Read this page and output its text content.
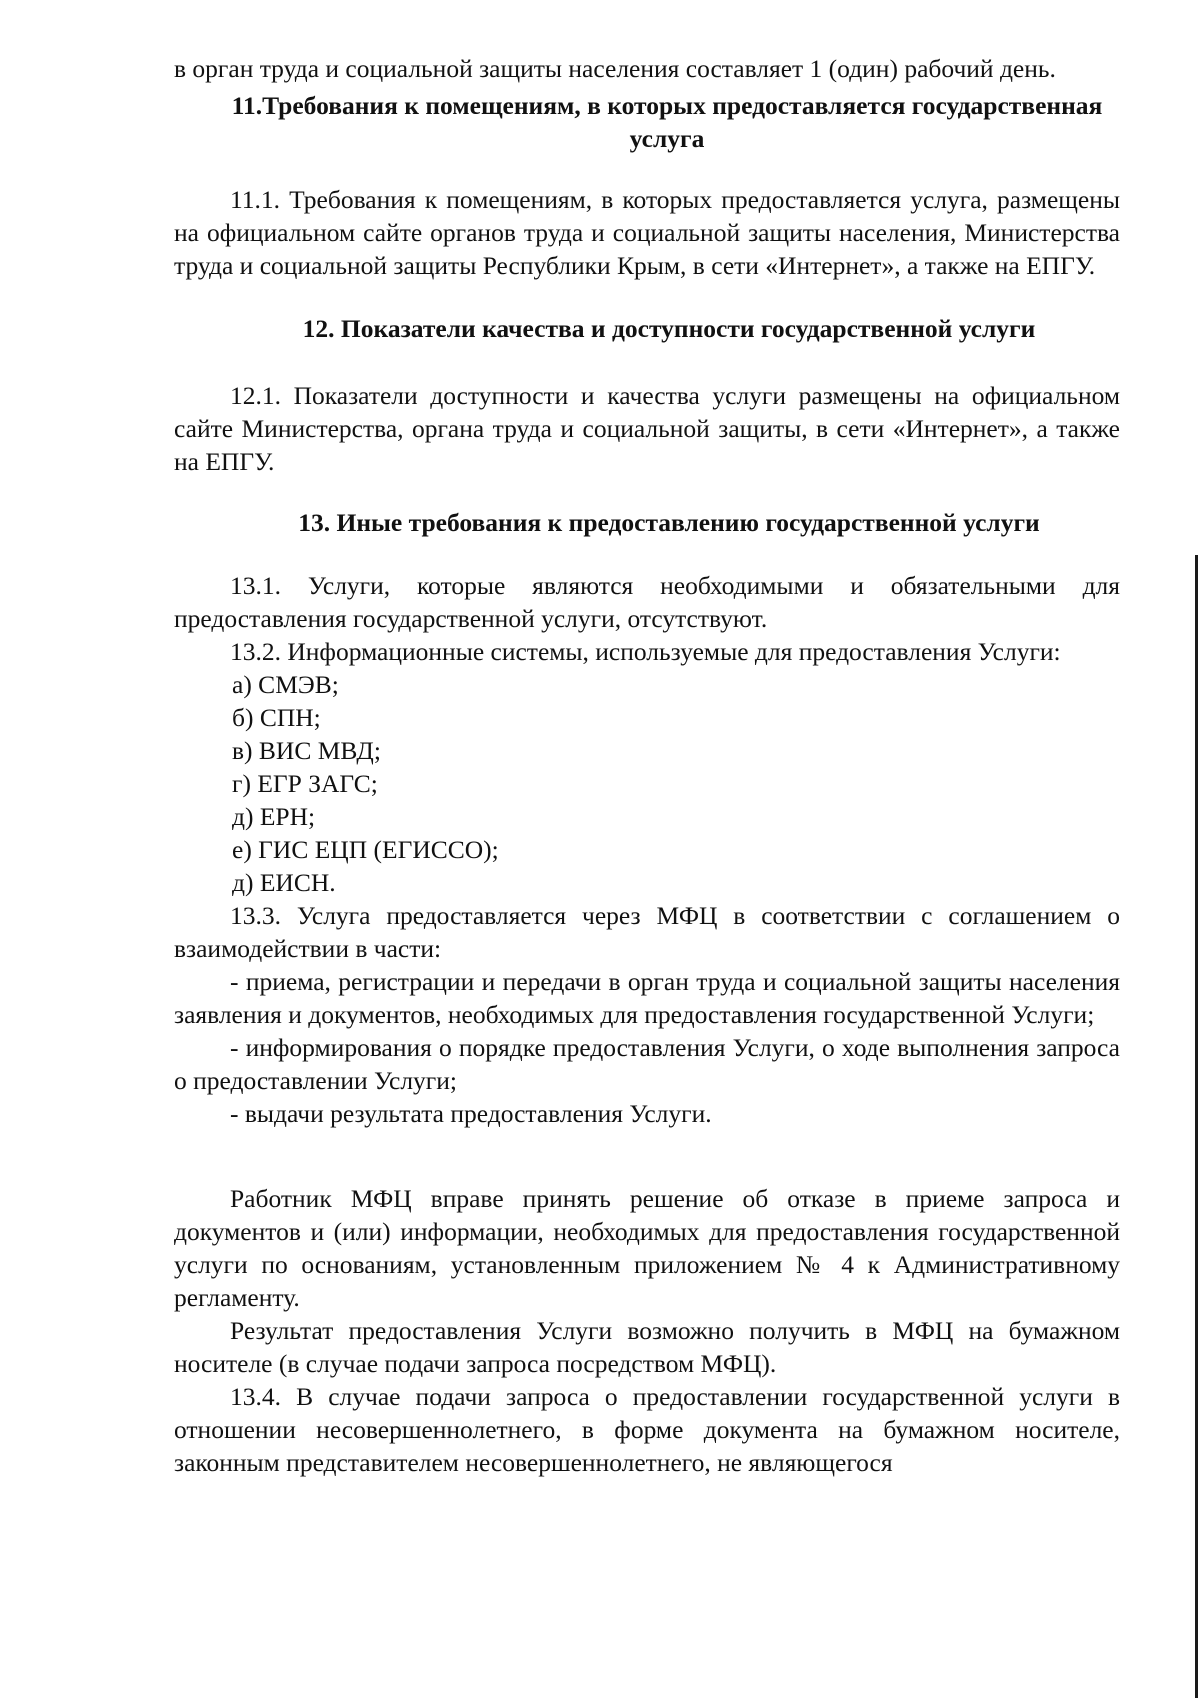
в орган труда и социальной защиты населения составляет 1 (один) рабочий день.

11.Требования к помещениям, в которых предоставляется государственная услуга

11.1. Требования к помещениям, в которых предоставляется услуга, размещены на официальном сайте органов труда и социальной защиты населения, Министерства труда и социальной защиты Республики Крым, в сети «Интернет», а также на ЕПГУ.

12. Показатели качества и доступности государственной услуги

12.1. Показатели доступности и качества услуги размещены на официальном сайте Министерства, органа труда и социальной защиты, в сети «Интернет», а также на ЕПГУ.

13. Иные требования к предоставлению государственной услуги

13.1. Услуги, которые являются необходимыми и обязательными для предоставления государственной услуги, отсутствуют.

13.2. Информационные системы, используемые для предоставления Услуги:

а) СМЭВ;

б) СПН;

в) ВИС МВД;

г) ЕГР ЗАГС;

д) ЕРН;

е) ГИС ЕЦП (ЕГИССО);

д) ЕИСН.

13.3. Услуга предоставляется через МФЦ в соответствии с соглашением о взаимодействии в части:

- приема, регистрации и передачи в орган труда и социальной защиты населения заявления и документов, необходимых для предоставления государственной Услуги;

- информирования о порядке предоставления Услуги, о ходе выполнения запроса о предоставлении Услуги;

- выдачи результата предоставления Услуги.

Работник МФЦ вправе принять решение об отказе в приеме запроса и документов и (или) информации, необходимых для предоставления государственной услуги по основаниям, установленным приложением № 4 к Административному регламенту.

Результат предоставления Услуги возможно получить в МФЦ на бумажном носителе (в случае подачи запроса посредством МФЦ).

13.4. В случае подачи запроса о предоставлении государственной услуги в отношении несовершеннолетнего, в форме документа на бумажном носителе, законным представителем несовершеннолетнего, не являющегося
